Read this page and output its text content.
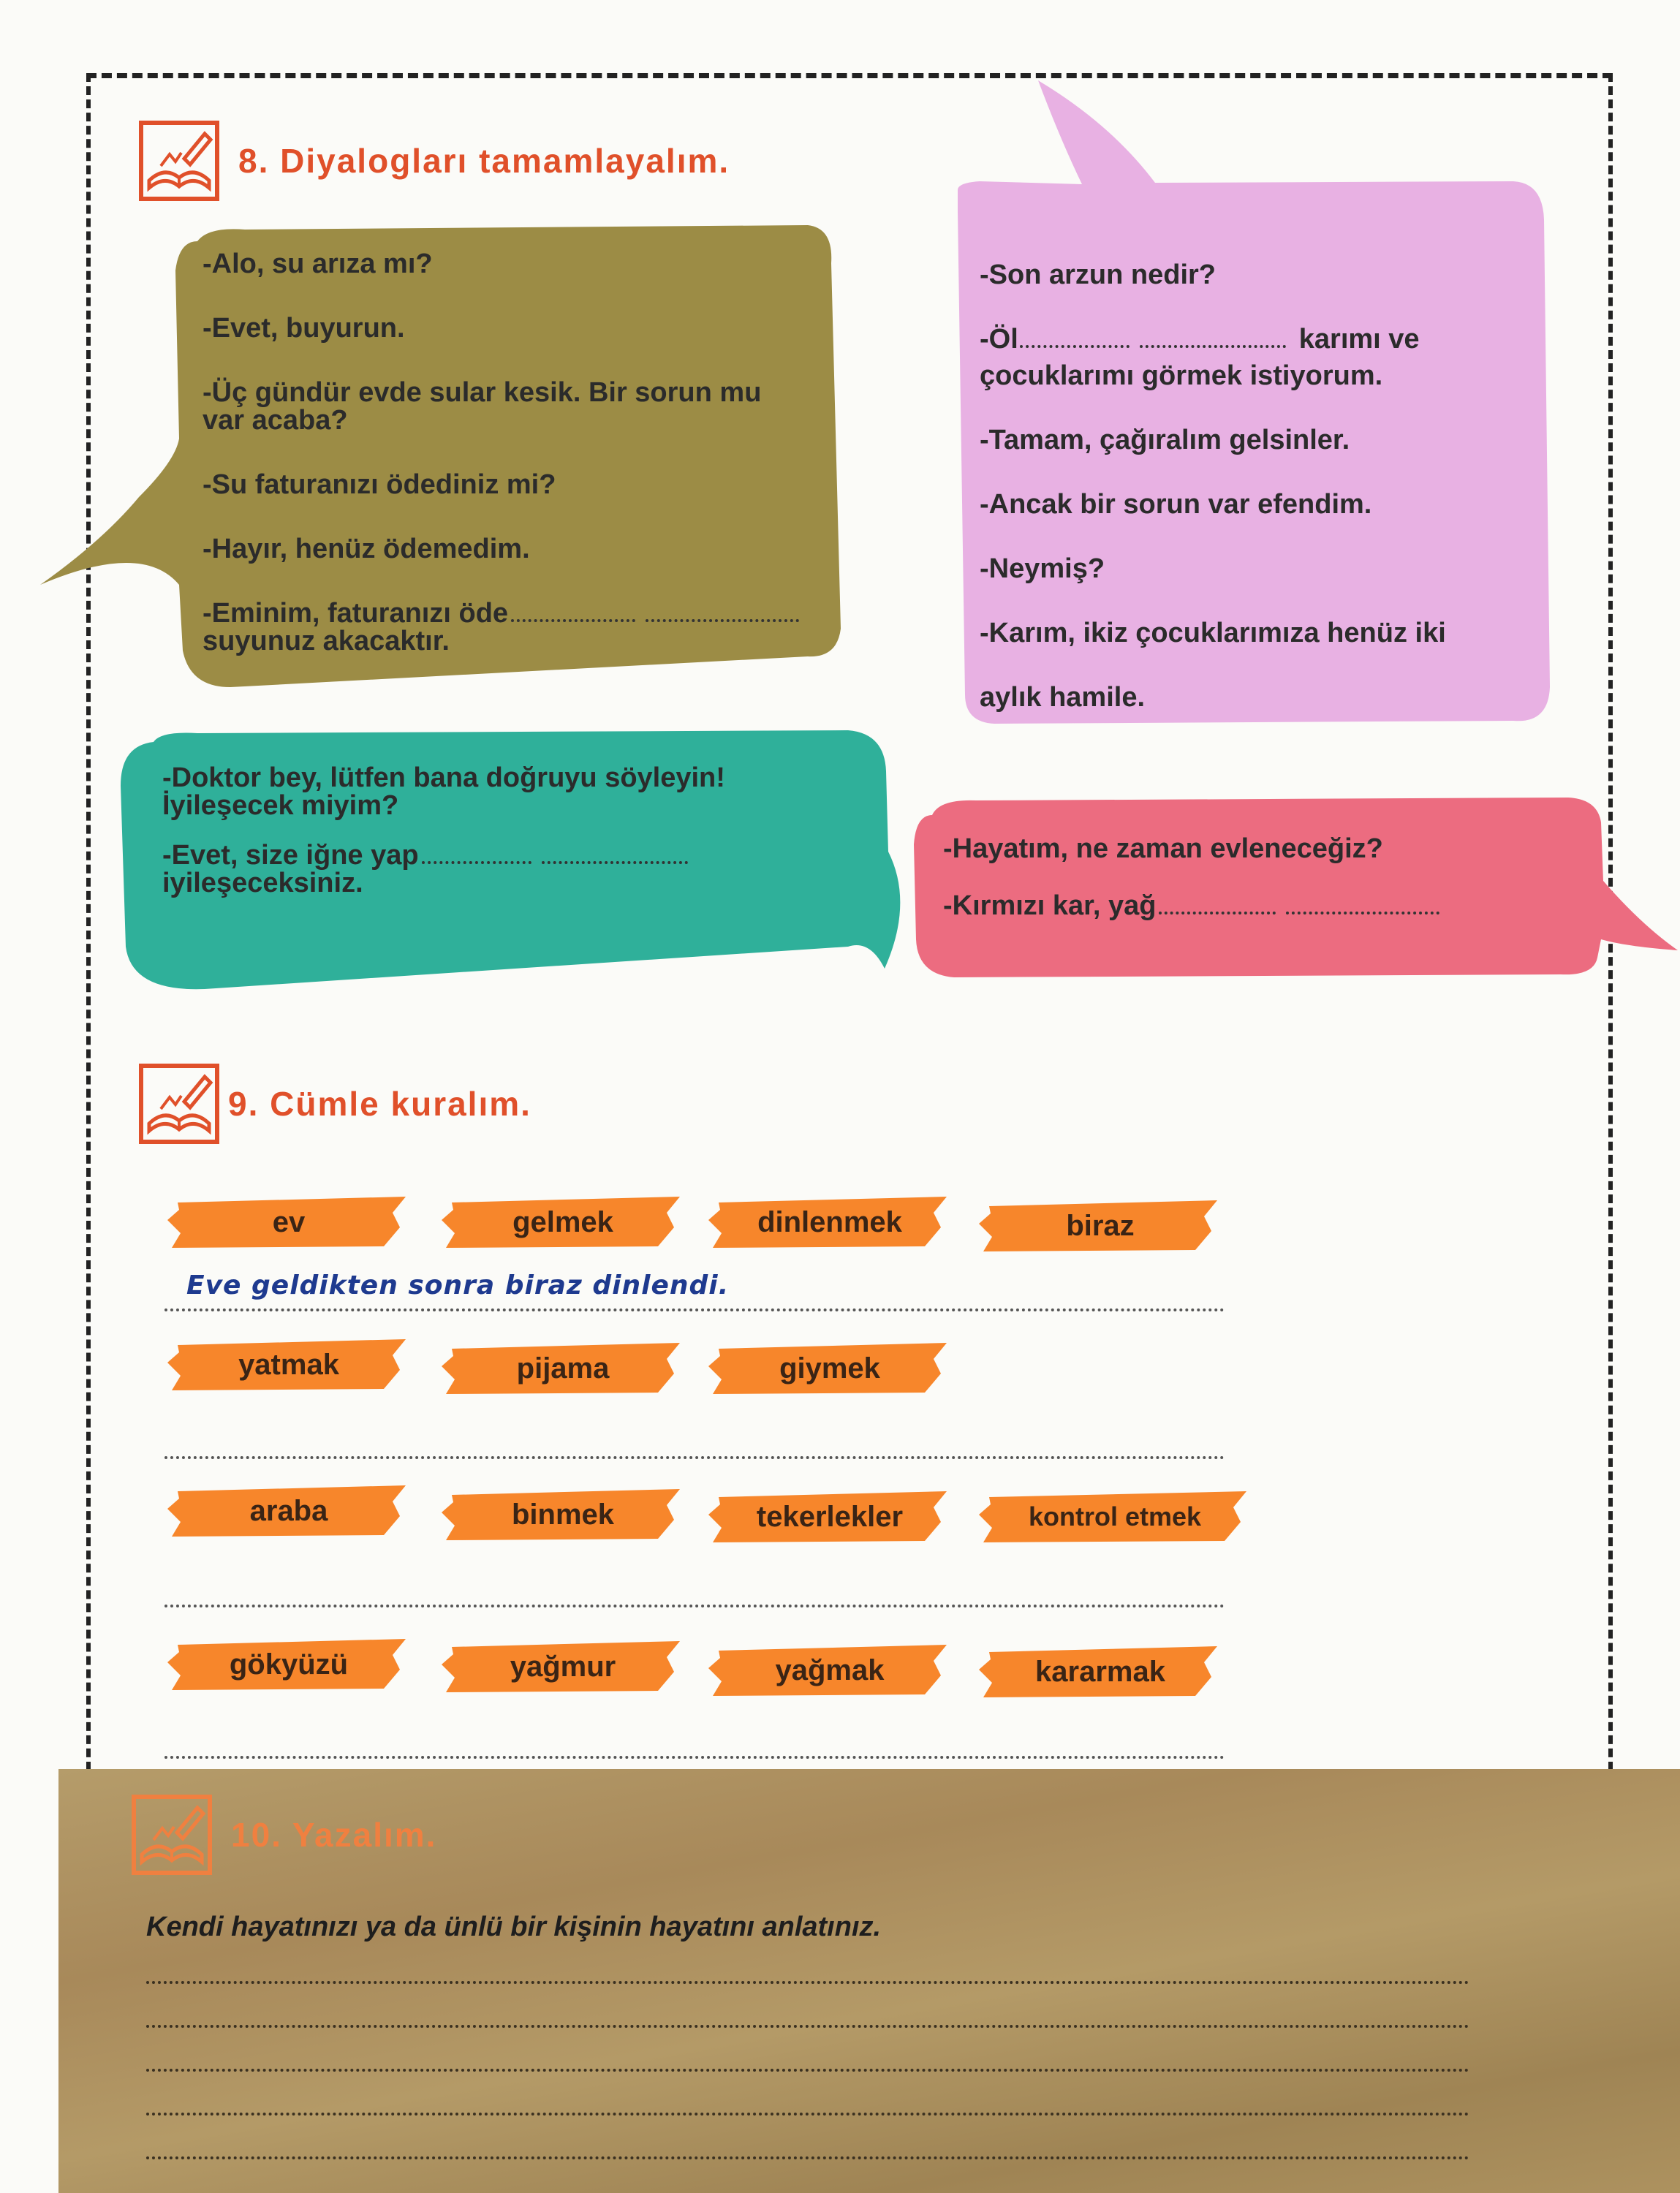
8. Diyalogları tamamlayalım.

-Alo, su arıza mı?

-Evet, buyurun.

-Üç gündür evde sular kesik. Bir sorun mu

var acaba?

-Su faturanızı ödediniz mi?

-Hayır, henüz ödemedim.

-Eminim, faturanızı öde

suyunuz akacaktır.

-Son arzun nedir?

-Öl	karımı ve

çocuklarımı görmek istiyorum.

-Tamam, çağıralım gelsinler.

-Ancak bir sorun var efendim.

-Neymiş?

-Karım, ikiz çocuklarımıza henüz iki

aylık hamile.

-Doktor bey, lütfen bana doğruyu söyleyin!

İyileşecek miyim?

-Evet, size iğne yap

iyileşeceksiniz.

-Hayatım, ne zaman evleneceğiz?

-Kırmızı kar, yağ

9. Cümle kuralım.
ev	gelmek	dinlenmek	biraz
Eve geldikten sonra biraz dinlendi.
yatmak	pijama	giymek
araba	binmek	tekerlekler	kontrol etmek
gökyüzü	yağmur	yağmak	kararmak
10. Yazalım.
Kendi hayatınızı ya da ünlü bir kişinin hayatını anlatınız.
